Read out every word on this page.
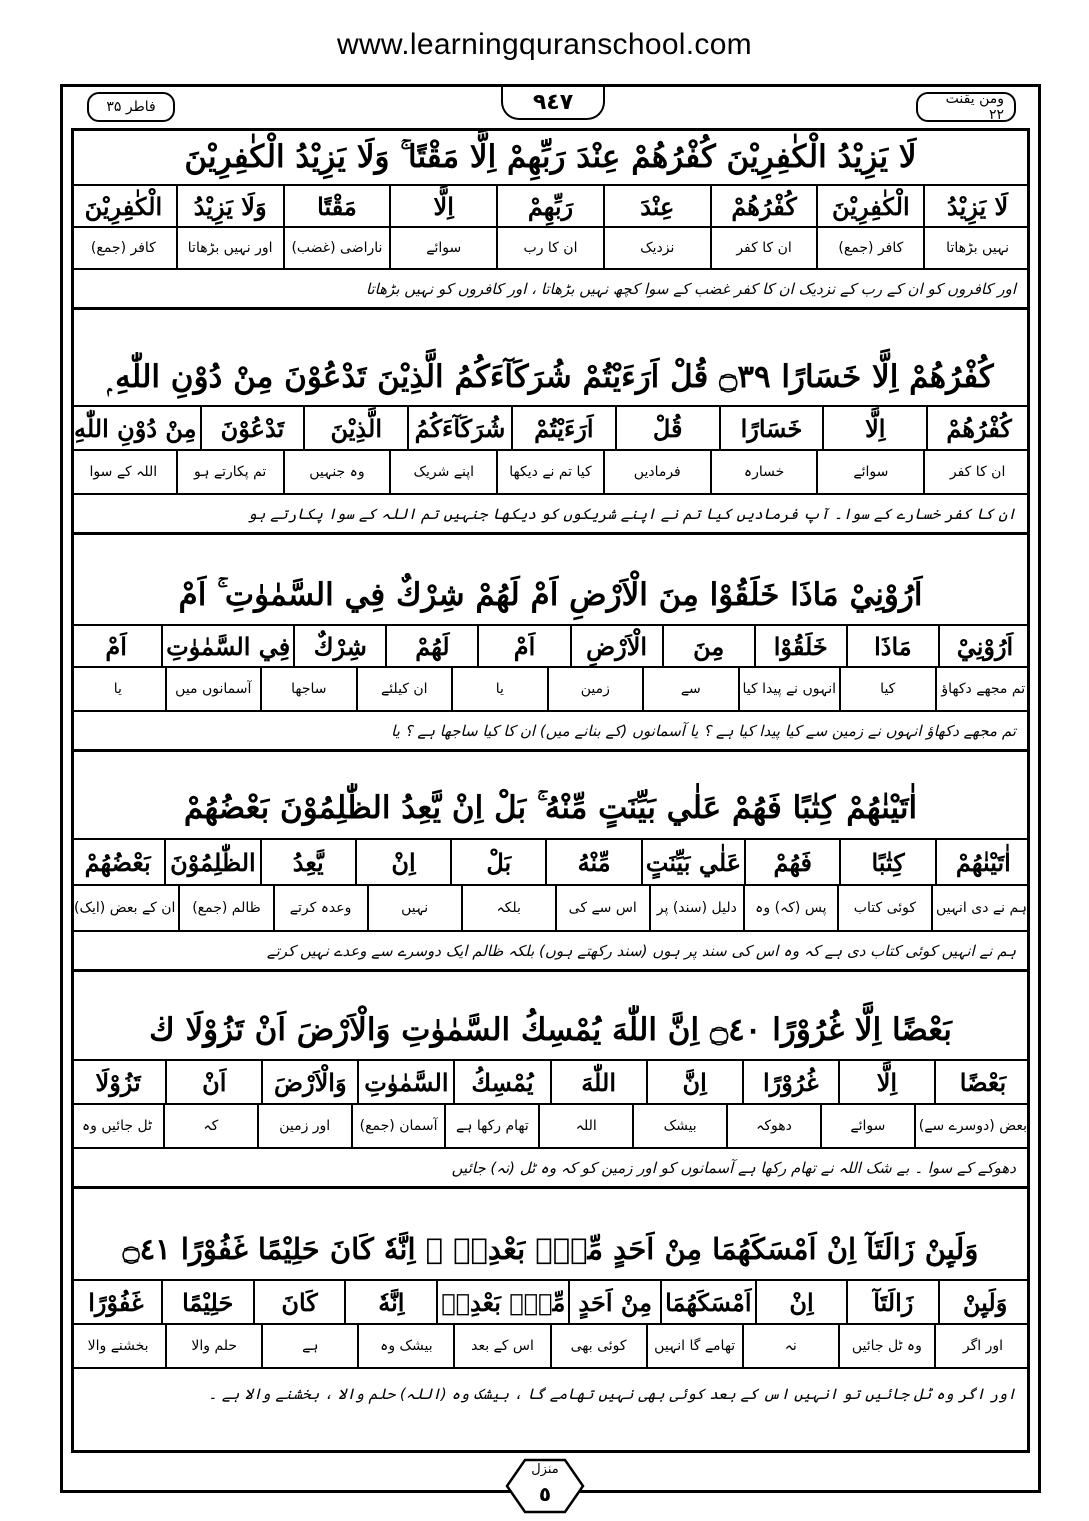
www.learningquranschool.com
فاطر ۳۵	٩٤٧	ومن يقنت ٢٢
لَا يَزِيْدُ الْكٰفِرِيْنَ كُفْرُهُمْ عِنْدَ رَبِّهِمْ اِلَّا مَقْتًا ۚ وَلَا يَزِيْدُ الْكٰفِرِيْنَ
لَا يَزِيْدُ
الْكٰفِرِيْنَ
كُفْرُهُمْ
عِنْدَ
رَبِّهِمْ
اِلَّا
مَقْتًا
وَلَا يَزِيْدُ
الْكٰفِرِيْنَ
نہیں بڑھاتا
کافر (جمع)
ان کا کفر
نزدیک
ان کا رب
سوائے
ناراضی (غضب)
اور نہیں بڑھاتا
کافر (جمع)
اور کافروں کو ان کے رب کے نزدیک ان کا کفر غضب کے سوا کچھ نہیں بڑھاتا ، اور کافروں کو نہیں بڑھاتا
كُفْرُهُمْ اِلَّا خَسَارًا ۝٣٩ قُلْ اَرَءَيْتُمْ شُرَكَآءَكُمُ الَّذِيْنَ تَدْعُوْنَ مِنْ دُوْنِ اللّٰهِ ۭ
كُفْرُهُمْ
اِلَّا
خَسَارًا
قُلْ
اَرَءَيْتُمْ
شُرَكَآءَكُمُ
الَّذِيْنَ
تَدْعُوْنَ
مِنْ دُوْنِ اللّٰهِ
ان کا کفر
سوائے
خسارہ
فرمادیں
کیا تم نے دیکھا
اپنے شریک
وہ جنہیں
تم پکارتے ہو
اللہ کے سوا
ان کا کفر خسارے کے سوا۔ آپ فرمادیں کیا تم نے اپنے شریکوں کو دیکھا جنہیں تم اللہ کے سوا پکارتے ہو
اَرُوْنِيْ مَاذَا خَلَقُوْا مِنَ الْاَرْضِ اَمْ لَهُمْ شِرْكٌ فِي السَّمٰوٰتِ ۚ اَمْ
اَرُوْنِيْ
مَاذَا
خَلَقُوْا
مِنَ
الْاَرْضِ
اَمْ
لَهُمْ
شِرْكٌ
فِي السَّمٰوٰتِ
اَمْ
تم مجھے دکھاؤ
کیا
انہوں نے پیدا کیا
سے
زمین
یا
ان کیلئے
ساجھا
آسمانوں میں
یا
تم مجھے دکھاؤ انہوں نے زمین سے کیا پیدا کیا ہے ؟ یا آسمانوں (کے بنانے میں) ان کا کیا ساجھا ہے ؟ یا
اٰتَيْنٰهُمْ كِتٰبًا فَهُمْ عَلٰي بَيِّنَتٍ مِّنْهُ ۚ بَلْ اِنْ يَّعِدُ الظّٰلِمُوْنَ بَعْضُهُمْ
اٰتَيْنٰهُمْ
كِتٰبًا
فَهُمْ
عَلٰي بَيِّنَتٍ
مِّنْهُ
بَلْ
اِنْ
يَّعِدُ
الظّٰلِمُوْنَ
بَعْضُهُمْ
ہم نے دی انہیں
کوئی کتاب
پس (کہ) وہ
دلیل (سند) پر
اس سے کی
بلکہ
نہیں
وعدہ کرتے
ظالم (جمع)
ان کے بعض (ایک)
ہم نے انہیں کوئی کتاب دی ہے کہ وہ اس کی سند پر ہوں (سند رکھتے ہوں) بلکہ ظالم ایک دوسرے سے وعدے نہیں کرتے
بَعْضًا اِلَّا غُرُوْرًا ۝٤٠ اِنَّ اللّٰهَ يُمْسِكُ السَّمٰوٰتِ وَالْاَرْضَ اَنْ تَزُوْلَا ڬ
بَعْضًا
اِلَّا
غُرُوْرًا
اِنَّ
اللّٰهَ
يُمْسِكُ
السَّمٰوٰتِ
وَالْاَرْضَ
اَنْ
تَزُوْلَا
بعض (دوسرے سے)
سوائے
دھوکہ
بیشک
اللہ
تھام رکھا ہے
آسمان (جمع)
اور زمین
کہ
ٹل جائیں وہ
دھوکے کے سوا ۔ بے شک اللہ نے تھام رکھا ہے آسمانوں کو اور زمین کو کہ وہ ٹل (نہ) جائیں
وَلَىِٕنْ زَالَتَآ اِنْ اَمْسَكَهُمَا مِنْ اَحَدٍ مِّنْۢ بَعْدِهٖ ۭ اِنَّهٗ كَانَ حَلِيْمًا غَفُوْرًا ۝٤١
وَلَىِٕنْ
زَالَتَآ
اِنْ
اَمْسَكَهُمَا
مِنْ اَحَدٍ
مِّنْۢ بَعْدِهٖ
اِنَّهٗ
كَانَ
حَلِيْمًا
غَفُوْرًا
اور اگر
وہ ٹل جائیں
نہ
تھامے گا انہیں
کوئی بھی
اس کے بعد
بیشک وہ
ہے
حلم والا
بخشنے والا
اور اگر وہ ٹل جائیں تو انہیں اس کے بعد کوئی بھی نہیں تھامے گا ، بیشک وہ (اللہ) حلم والا ، بخشنے والا ہے ۔
منزل
٥
